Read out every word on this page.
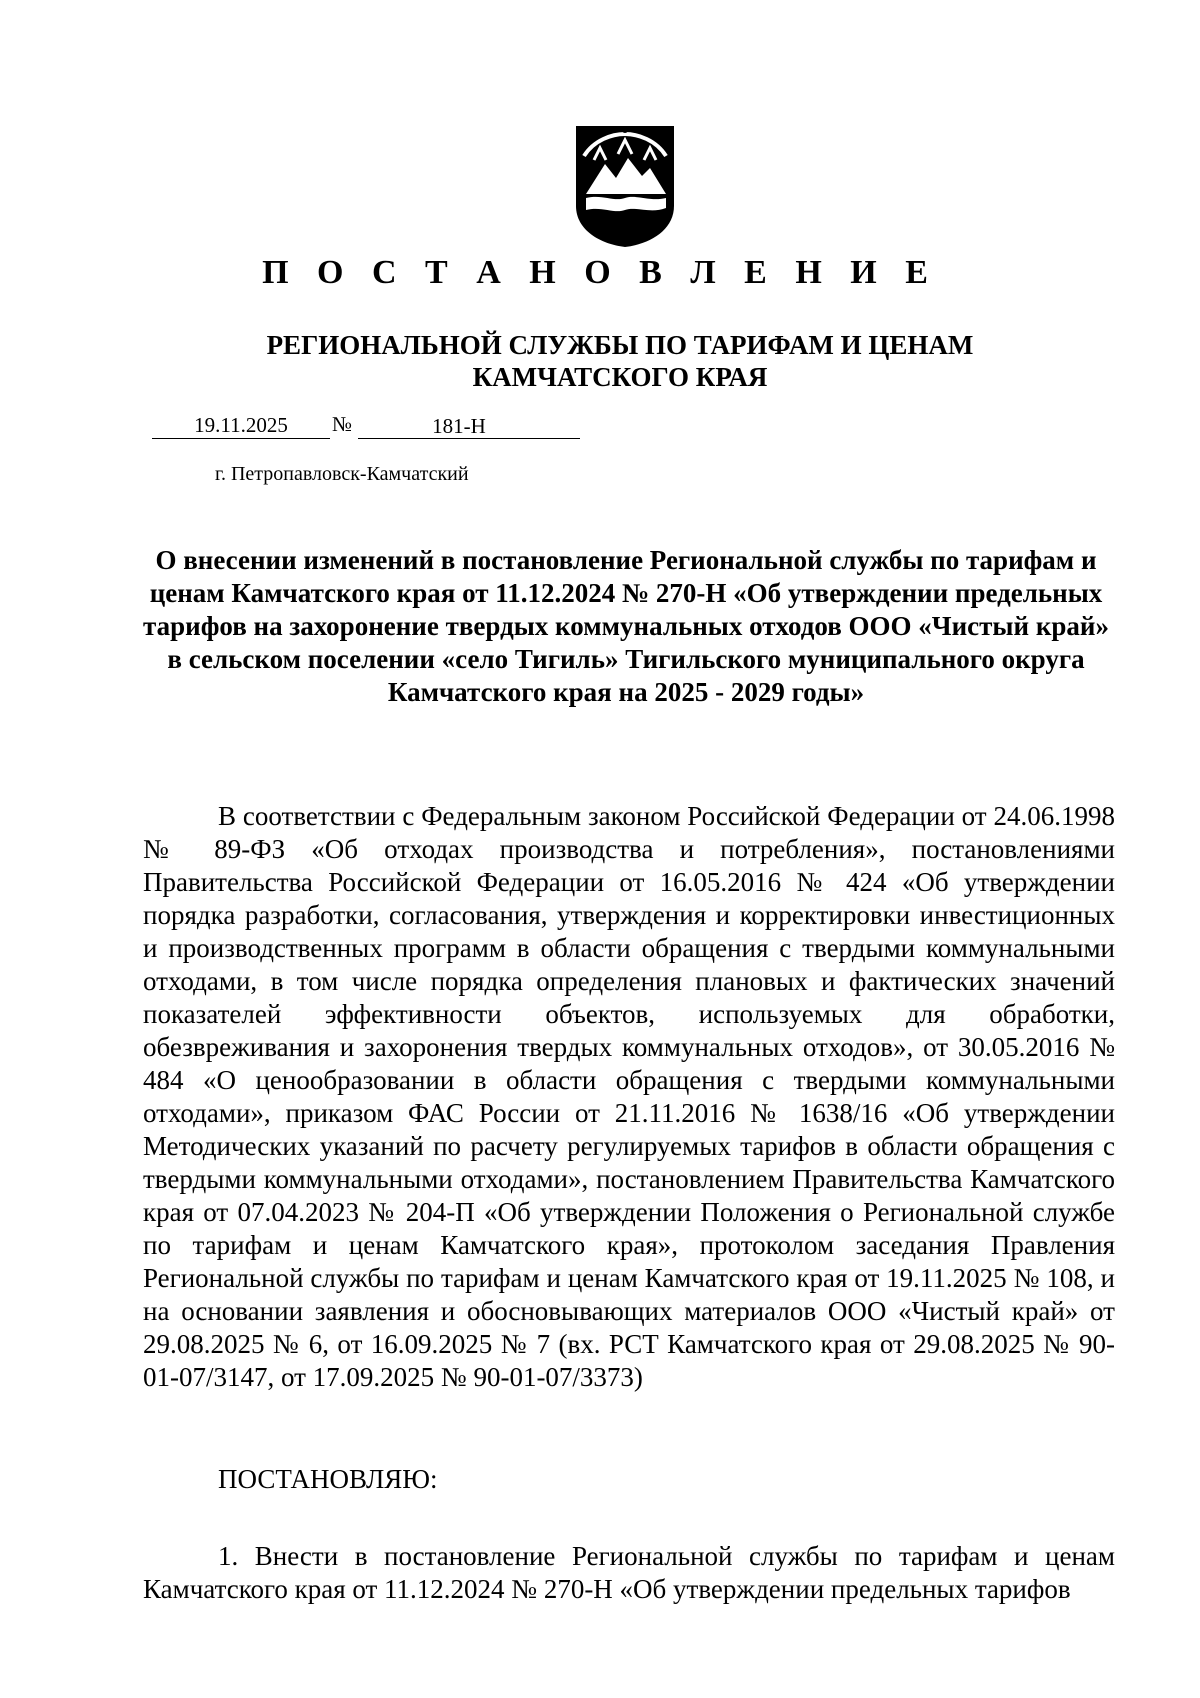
П О С Т А Н О В Л Е Н И Е
РЕГИОНАЛЬНОЙ СЛУЖБЫ ПО ТАРИФАМ И ЦЕНАМ КАМЧАТСКОГО КРАЯ
19.11.2025	№	181-Н
г. Петропавловск-Камчатский
О внесении изменений в постановление Региональной службы по тарифам и ценам Камчатского края от 11.12.2024 № 270-Н «Об утверждении предельных тарифов на захоронение твердых коммунальных отходов ООО «Чистый край» в сельском поселении «село Тигиль» Тигильского муниципального округа Камчатского края на 2025 - 2029 годы»
В соответствии с Федеральным законом Российской Федерации от 24.06.1998 № 89-ФЗ «Об отходах производства и потребления», постановлениями Правительства Российской Федерации от 16.05.2016 № 424 «Об утверждении порядка разработки, согласования, утверждения и корректировки инвестиционных и производственных программ в области обращения с твердыми коммунальными отходами, в том числе порядка определения плановых и фактических значений показателей эффективности объектов, используемых для обработки, обезвреживания и захоронения твердых коммунальных отходов», от 30.05.2016 № 484 «О ценообразовании в области обращения с твердыми коммунальными отходами», приказом ФАС России от 21.11.2016 № 1638/16 «Об утверждении Методических указаний по расчету регулируемых тарифов в области обращения с твердыми коммунальными отходами», постановлением Правительства Камчатского края от 07.04.2023 № 204-П «Об утверждении Положения о Региональной службе по тарифам и ценам Камчатского края», протоколом заседания Правления Региональной службы по тарифам и ценам Камчатского края от 19.11.2025 № 108, и на основании заявления и обосновывающих материалов ООО «Чистый край» от 29.08.2025 № 6, от 16.09.2025 № 7 (вх. РСТ Камчатского края от 29.08.2025 № 90-01-07/3147, от 17.09.2025 № 90-01-07/3373)
ПОСТАНОВЛЯЮ:
1. Внести в постановление Региональной службы по тарифам и ценам Камчатского края от 11.12.2024 № 270-Н «Об утверждении предельных тарифов
